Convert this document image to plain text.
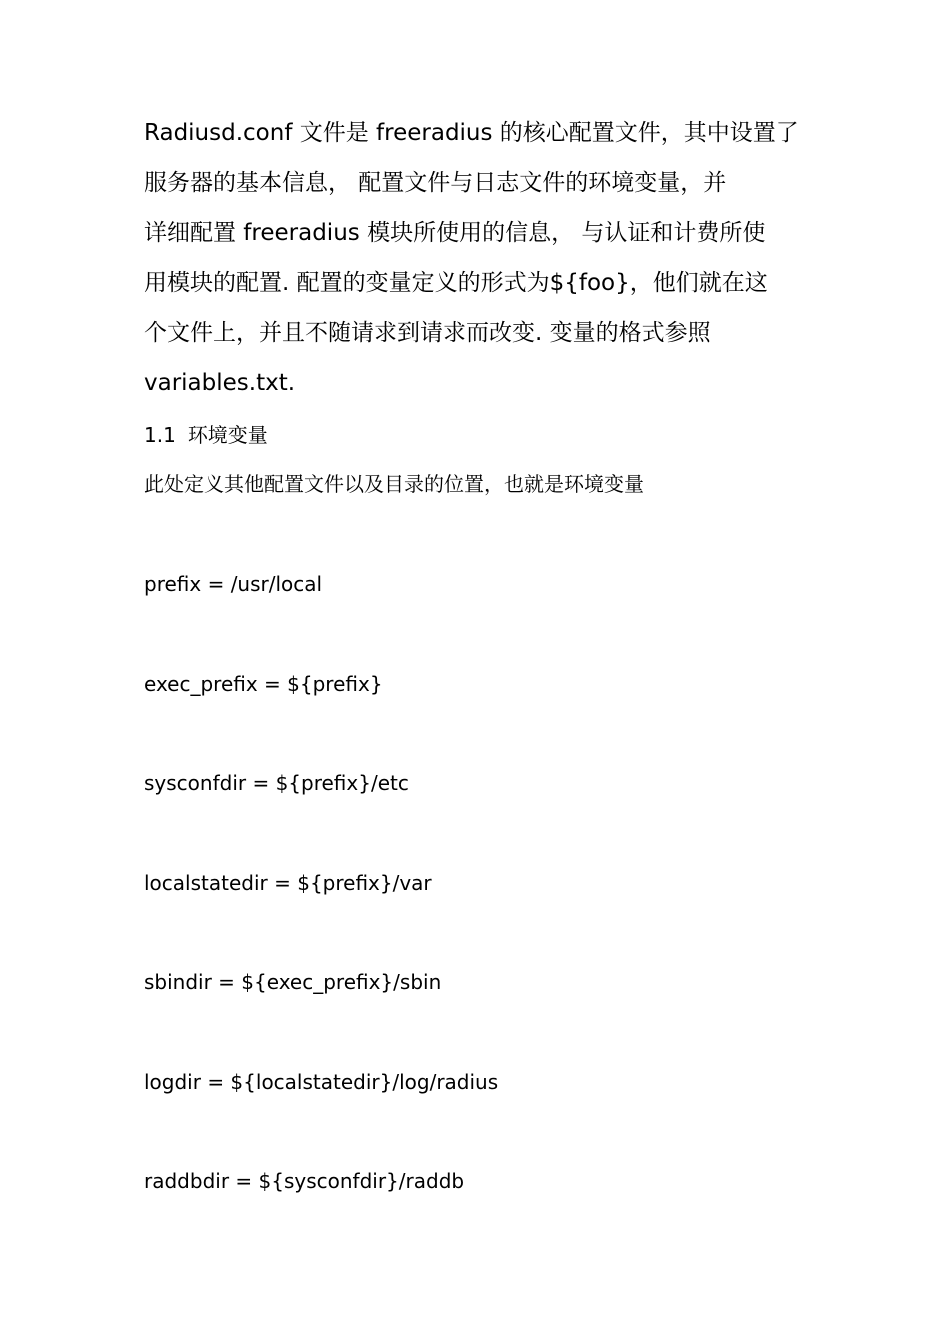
Radiusd.conf 文件是 freeradius 的核心配置文件，其中设置了
服务器的基本信息， 配置文件与日志文件的环境变量，并
详细配置 freeradius 模块所使用的信息， 与认证和计费所使
用模块的配置. 配置的变量定义的形式为${foo}，他们就在这
个文件上，并且不随请求到请求而改变. 变量的格式参照
variables.txt.
1.1 环境变量
此处定义其他配置文件以及目录的位置，也就是环境变量
prefix = /usr/local
exec_prefix = ${prefix}
sysconfdir = ${prefix}/etc
localstatedir = ${prefix}/var
sbindir = ${exec_prefix}/sbin
logdir = ${localstatedir}/log/radius
raddbdir = ${sysconfdir}/raddb
